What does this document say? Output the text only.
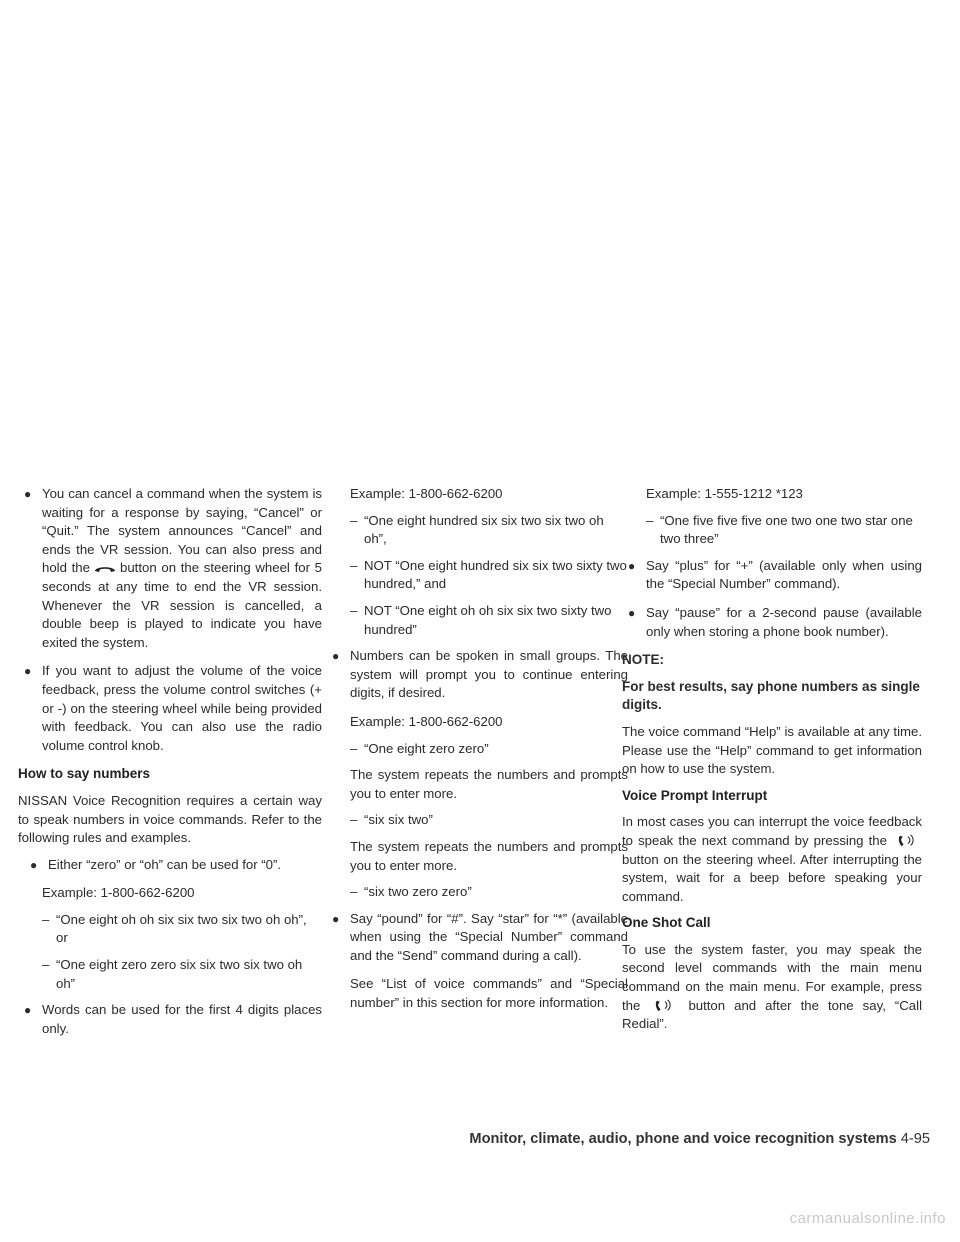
● You can cancel a command when the system is waiting for a response by saying, “Cancel” or “Quit.” The system announces “Cancel” and ends the VR session. You can also press and hold the button on the steering wheel for 5 seconds at any time to end the VR session. Whenever the VR session is cancelled, a double beep is played to indicate you have exited the system.
● If you want to adjust the volume of the voice feedback, press the volume control switches (+ or -) on the steering wheel while being provided with feedback. You can also use the radio volume control knob.
How to say numbers

NISSAN Voice Recognition requires a certain way to speak numbers in voice commands. Refer to the following rules and examples.

● Either “zero” or “oh” can be used for “0”.
Example: 1-800-662-6200
– “One eight oh oh six six two six two oh oh”, or
– “One eight zero zero six six two six two oh oh”
● Words can be used for the first 4 digits places only.
Example: 1-800-662-6200
– “One eight hundred six six two six two oh oh”,
– NOT “One eight hundred six six two sixty two hundred,” and
– NOT “One eight oh oh six six two sixty two hundred”
● Numbers can be spoken in small groups. The system will prompt you to continue entering digits, if desired.
Example: 1-800-662-6200
– “One eight zero zero”

The system repeats the numbers and prompts you to enter more.

– “six six two”

The system repeats the numbers and prompts you to enter more.

– “six two zero zero”
● Say “pound” for “#”. Say “star” for “*” (available when using the “Special Number” command and the “Send” command during a call).

See “List of voice commands” and “Special number” in this section for more information.

Example: 1-555-1212 *123
– “One five five five one two one two star one two three”
● Say “plus” for “+” (available only when using the “Special Number” command).
● Say “pause” for a 2-second pause (available only when storing a phone book number).

NOTE:

For best results, say phone numbers as single digits.

The voice command “Help” is available at any time. Please use the “Help” command to get information on how to use the system.

Voice Prompt Interrupt

In most cases you can interrupt the voice feedback to speak the next command by pressing the  button on the steering wheel. After interrupting the system, wait for a beep before speaking your command.

One Shot Call

To use the system faster, you may speak the second level commands with the main menu command on the main menu. For example, press the	button and after the tone say, “Call Redial”.

Monitor, climate, audio, phone and voice recognition systems 4-95
carmanualsonline.info
